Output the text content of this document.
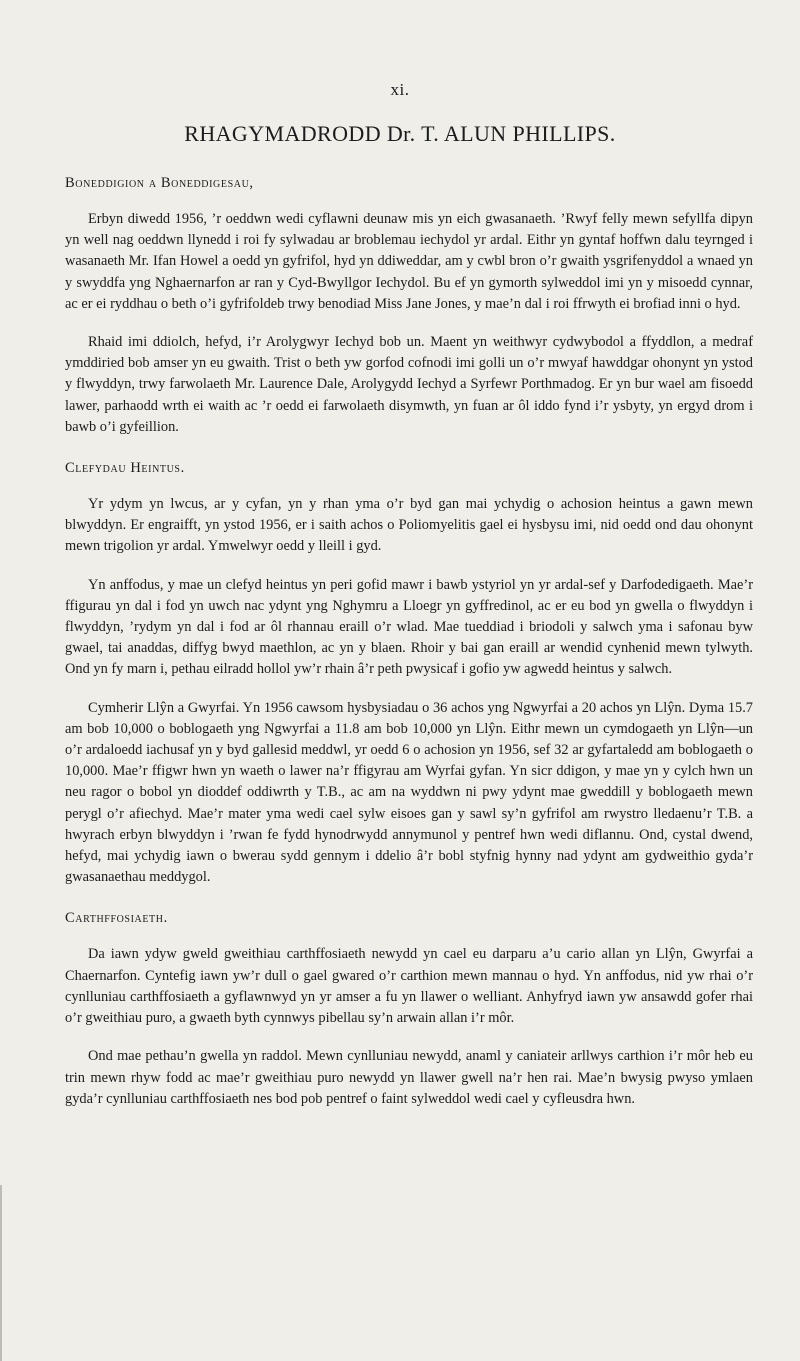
xi.
RHAGYMADRODD Dr. T. ALUN PHILLIPS.
Boneddigion a Boneddigesau,

Erbyn diwedd 1956, ’r oeddwn wedi cyflawni deunaw mis yn eich gwasanaeth. ’Rwyf felly mewn sefyllfa dipyn yn well nag oeddwn llynedd i roi fy sylwadau ar broblemau iechydol yr ardal. Eithr yn gyntaf hoffwn dalu teyrnged i wasanaeth Mr. Ifan Howel a oedd yn gyfrifol, hyd yn ddiweddar, am y cwbl bron o’r gwaith ysgrifenyddol a wnaed yn y swyddfa yng Nghaernarfon ar ran y Cyd-Bwyllgor Iechydol. Bu ef yn gymorth sylweddol imi yn y misoedd cynnar, ac er ei ryddhau o beth o’i gyfrifoldeb trwy benodiad Miss Jane Jones, y mae’n dal i roi ffrwyth ei brofiad inni o hyd.

Rhaid imi ddiolch, hefyd, i’r Arolygwyr Iechyd bob un. Maent yn weithwyr cydwybodol a ffyddlon, a medraf ymddiried bob amser yn eu gwaith. Trist o beth yw gorfod cofnodi imi golli un o’r mwyaf hawddgar ohonynt yn ystod y flwyddyn, trwy farwolaeth Mr. Laurence Dale, Arolygydd Iechyd a Syrfewr Porthmadog. Er yn bur wael am fisoedd lawer, parhaodd wrth ei waith ac ’r oedd ei farwolaeth disymwth, yn fuan ar ôl iddo fynd i’r ysbyty, yn ergyd drom i bawb o’i gyfeillion.

Clefydau Heintus.

Yr ydym yn lwcus, ar y cyfan, yn y rhan yma o’r byd gan mai ychydig o achosion heintus a gawn mewn blwyddyn. Er engraifft, yn ystod 1956, er i saith achos o Poliomyelitis gael ei hysbysu imi, nid oedd ond dau ohonynt mewn trigolion yr ardal. Ymwelwyr oedd y lleill i gyd.

Yn anffodus, y mae un clefyd heintus yn peri gofid mawr i bawb ystyriol yn yr ardal-sef y Darfodedigaeth. Mae’r ffigurau yn dal i fod yn uwch nac ydynt yng Nghymru a Lloegr yn gyffredinol, ac er eu bod yn gwella o flwyddyn i flwyddyn, ’rydym yn dal i fod ar ôl rhannau eraill o’r wlad. Mae tueddiad i briodoli y salwch yma i safonau byw gwael, tai anaddas, diffyg bwyd maethlon, ac yn y blaen. Rhoir y bai gan eraill ar wendid cynhenid mewn tylwyth. Ond yn fy marn i, pethau eilradd hollol yw’r rhain â’r peth pwysicaf i gofio yw agwedd heintus y salwch.

Cymherir Llŷn a Gwyrfai. Yn 1956 cawsom hysbysiadau o 36 achos yng Ngwyrfai a 20 achos yn Llŷn. Dyma 15.7 am bob 10,000 o boblogaeth yng Ngwyrfai a 11.8 am bob 10,000 yn Llŷn. Eithr mewn un cymdogaeth yn Llŷn—un o’r ardaloedd iachusaf yn y byd gallesid meddwl, yr oedd 6 o achosion yn 1956, sef 32 ar gyfartaledd am boblogaeth o 10,000. Mae’r ffigwr hwn yn waeth o lawer na’r ffigyrau am Wyrfai gyfan. Yn sicr ddigon, y mae yn y cylch hwn un neu ragor o bobol yn dioddef oddiwrth y T.B., ac am na wyddwn ni pwy ydynt mae gweddill y boblogaeth mewn perygl o’r afiechyd. Mae’r mater yma wedi cael sylw eisoes gan y sawl sy’n gyfrifol am rwystro lledaenu’r T.B. a hwyrach erbyn blwyddyn i ’rwan fe fydd hynodrwydd annymunol y pentref hwn wedi diflannu. Ond, cystal dwend, hefyd, mai ychydig iawn o bwerau sydd gennym i ddelio â’r bobl styfnig hynny nad ydynt am gydweithio gyda’r gwasanaethau meddygol.

Carthffosiaeth.

Da iawn ydyw gweld gweithiau carthffosiaeth newydd yn cael eu darparu a’u cario allan yn Llŷn, Gwyrfai a Chaernarfon. Cyntefig iawn yw’r dull o gael gwared o’r carthion mewn mannau o hyd. Yn anffodus, nid yw rhai o’r cynlluniau carthffosiaeth a gyflawnwyd yn yr amser a fu yn llawer o welliant. Anhyfryd iawn yw ansawdd gofer rhai o’r gweithiau puro, a gwaeth byth cynnwys pibellau sy’n arwain allan i’r môr.

Ond mae pethau’n gwella yn raddol. Mewn cynlluniau newydd, anaml y caniateir arllwys carthion i’r môr heb eu trin mewn rhyw fodd ac mae’r gweithiau puro newydd yn llawer gwell na’r hen rai. Mae’n bwysig pwyso ymlaen gyda’r cynlluniau carthffosiaeth nes bod pob pentref o faint sylweddol wedi cael y cyfleusdra hwn.
